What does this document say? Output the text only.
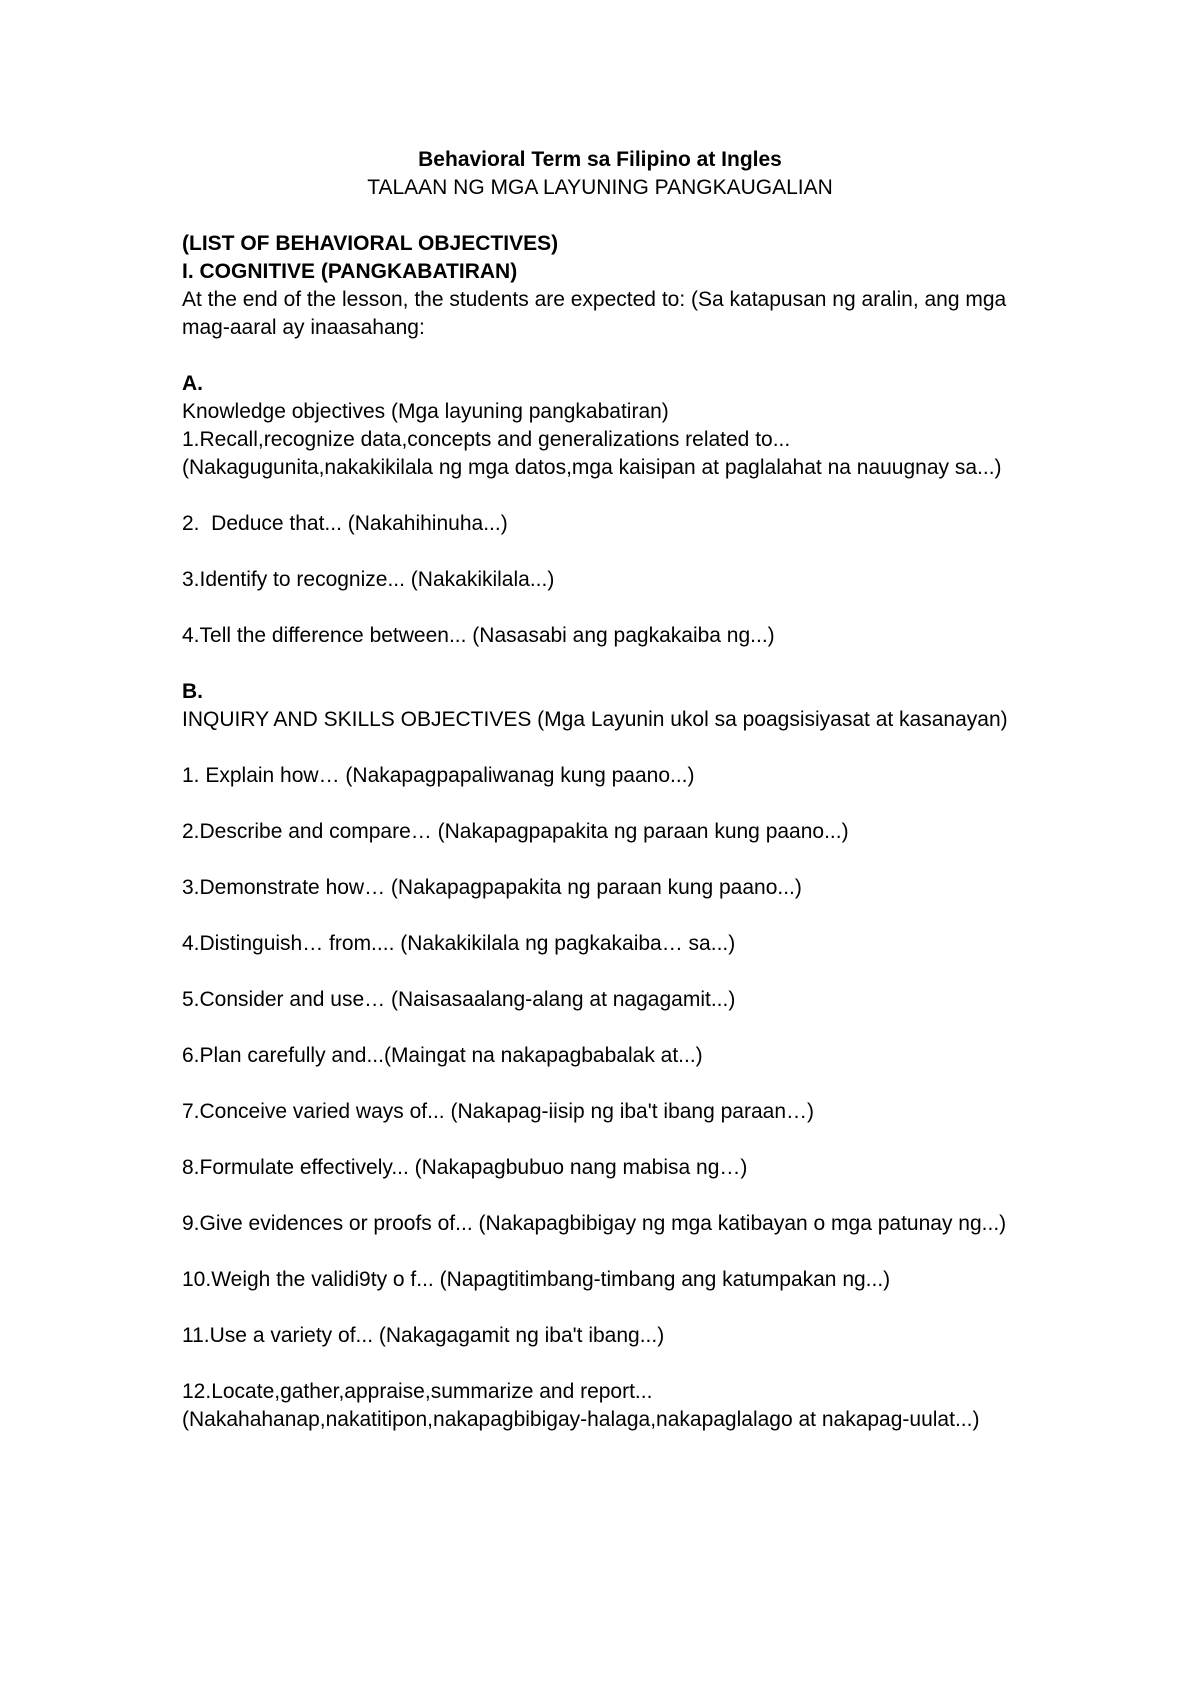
Behavioral Term sa Filipino at Ingles
TALAAN NG MGA LAYUNING PANGKAUGALIAN
(LIST OF BEHAVIORAL OBJECTIVES)
I. COGNITIVE (PANGKABATIRAN)
At the end of the lesson, the students are expected to: (Sa katapusan ng aralin, ang mga mag-aaral ay inaasahang:
A.
Knowledge objectives (Mga layuning pangkabatiran)
1.Recall,recognize data,concepts and generalizations related to... (Nakagugunita,nakakikilala ng mga datos,mga kaisipan at paglalahat na nauugnay sa...)
2.  Deduce that... (Nakahihinuha...)
3.Identify to recognize... (Nakakikilala...)
4.Tell the difference between... (Nasasabi ang pagkakaiba ng...)
B.
INQUIRY AND SKILLS OBJECTIVES (Mga Layunin ukol sa poagsisiyasat at kasanayan)
1. Explain how… (Nakapagpapaliwanag kung paano...)
2.Describe and compare… (Nakapagpapakita ng paraan kung paano...)
3.Demonstrate how… (Nakapagpapakita ng paraan kung paano...)
4.Distinguish… from.... (Nakakikilala ng pagkakaiba… sa...)
5.Consider and use… (Naisasaalang-alang at nagagamit...)
6.Plan carefully and...(Maingat na nakapagbabalak at...)
7.Conceive varied ways of... (Nakapag-iisip ng iba't ibang paraan…)
8.Formulate effectively... (Nakapagbubuo nang mabisa ng…)
9.Give evidences or proofs of... (Nakapagbibigay ng mga katibayan o mga patunay ng...)
10.Weigh the validi9ty o f... (Napagtitimbang-timbang ang katumpakan ng...)
11.Use a variety of... (Nakagagamit ng iba't ibang...)
12.Locate,gather,appraise,summarize and report... (Nakahahanap,nakatitipon,nakapagbibigay-halaga,nakapaglalago at nakapag-uulat...)
